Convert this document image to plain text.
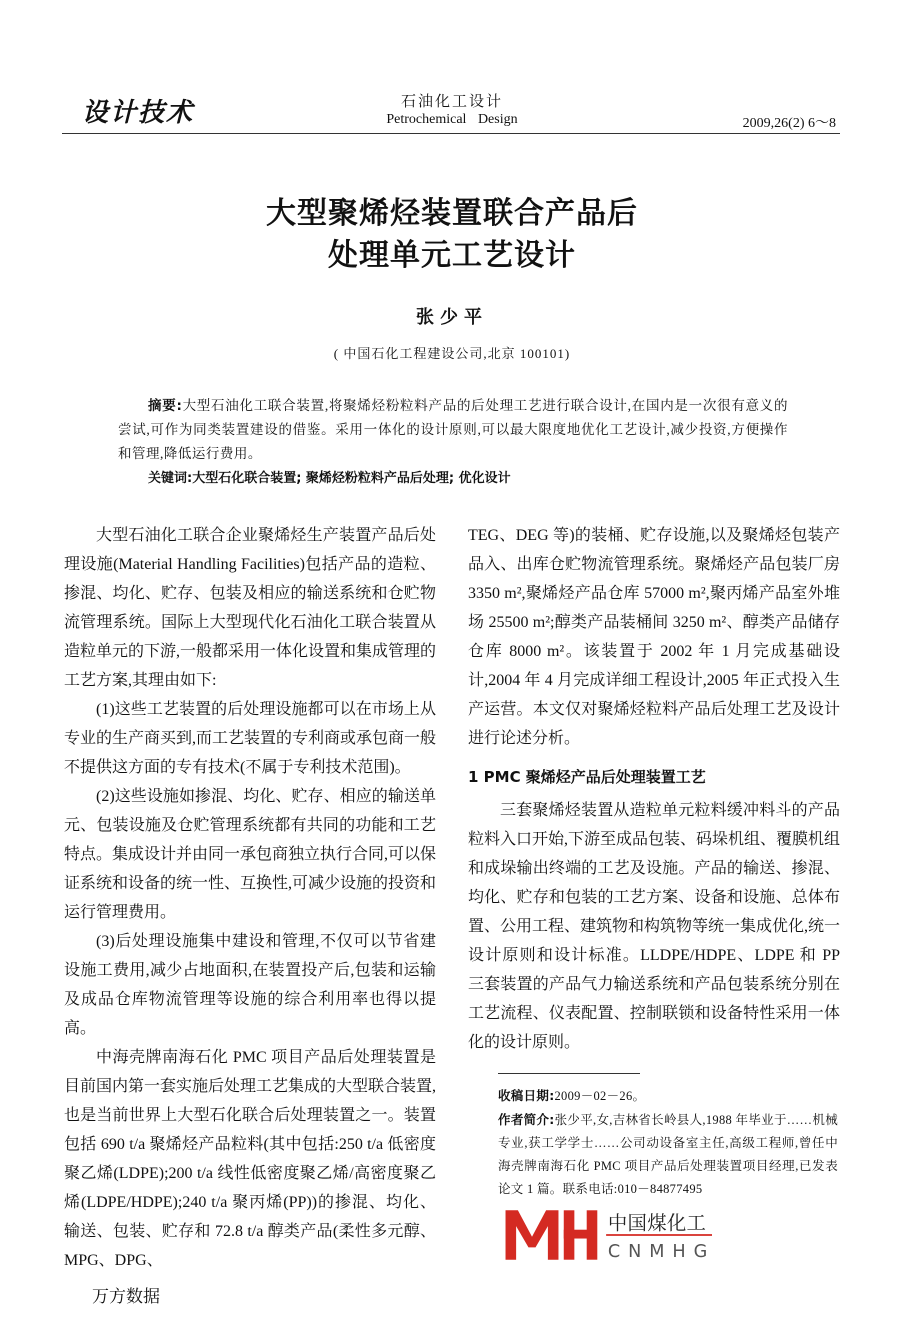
设计技术	石油化工设计
Petrochemical Design	2009,26(2) 6～8
大型聚烯烃装置联合产品后
处理单元工艺设计
张少平
( 中国石化工程建设公司,北京 100101)
摘要:大型石油化工联合装置,将聚烯烃粉粒料产品的后处理工艺进行联合设计,在国内是一次很有意义的尝试,可作为同类装置建设的借鉴。采用一体化的设计原则,可以最大限度地优化工艺设计,减少投资,方便操作和管理,降低运行费用。
关键词:大型石化联合装置; 聚烯烃粉粒料产品后处理; 优化设计

大型石油化工联合企业聚烯烃生产装置产品后处理设施(Material Handling Facilities)包括产品的造粒、掺混、均化、贮存、包装及相应的输送系统和仓贮物流管理系统。国际上大型现代化石油化工联合装置从造粒单元的下游,一般都采用一体化设置和集成管理的工艺方案,其理由如下:

(1)这些工艺装置的后处理设施都可以在市场上从专业的生产商买到,而工艺装置的专利商或承包商一般不提供这方面的专有技术(不属于专利技术范围)。

(2)这些设施如掺混、均化、贮存、相应的输送单元、包装设施及仓贮管理系统都有共同的功能和工艺特点。集成设计并由同一承包商独立执行合同,可以保证系统和设备的统一性、互换性,可减少设施的投资和运行管理费用。

(3)后处理设施集中建设和管理,不仅可以节省建设施工费用,减少占地面积,在装置投产后,包装和运输及成品仓库物流管理等设施的综合利用率也得以提高。

中海壳牌南海石化 PMC 项目产品后处理装置是目前国内第一套实施后处理工艺集成的大型联合装置,也是当前世界上大型石化联合后处理装置之一。装置包括 690 t/a 聚烯烃产品粒料(其中包括:250 t/a 低密度聚乙烯(LDPE);200 t/a 线性低密度聚乙烯/高密度聚乙烯(LDPE/HDPE);240 t/a 聚丙烯(PP))的掺混、均化、输送、包装、贮存和 72.8 t/a 醇类产品(柔性多元醇、MPG、DPG、

万方数据

TEG、DEG 等)的装桶、贮存设施,以及聚烯烃包装产品入、出库仓贮物流管理系统。聚烯烃产品包装厂房 3350 m²,聚烯烃产品仓库 57000 m²,聚丙烯产品室外堆场 25500 m²;醇类产品装桶间 3250 m²、醇类产品储存仓库 8000 m²。该装置于 2002 年 1 月完成基础设计,2004 年 4 月完成详细工程设计,2005 年正式投入生产运营。本文仅对聚烯烃粒料产品后处理工艺及设计进行论述分析。

1 PMC 聚烯烃产品后处理装置工艺

三套聚烯烃装置从造粒单元粒料缓冲料斗的产品粒料入口开始,下游至成品包装、码垛机组、覆膜机组和成垛输出终端的工艺及设施。产品的输送、掺混、均化、贮存和包装的工艺方案、设备和设施、总体布置、公用工程、建筑物和构筑物等统一集成优化,统一设计原则和设计标准。LLDPE/HDPE、LDPE 和 PP 三套装置的产品气力输送系统和产品包装系统分别在工艺流程、仪表配置、控制联锁和设备特性采用一体化的设计原则。

收稿日期:2009－02－26。
作者简介:张少平,女,吉林省长岭县人,1988 年毕业于……机械专业,获工学学士……公司动设备室主任,高级工程师,曾任中海壳牌南海石化 PMC 项目产品后处理装置项目经理,已发表论文 1 篇。联系电话:010－84877495
中国煤化工
CNMHG
